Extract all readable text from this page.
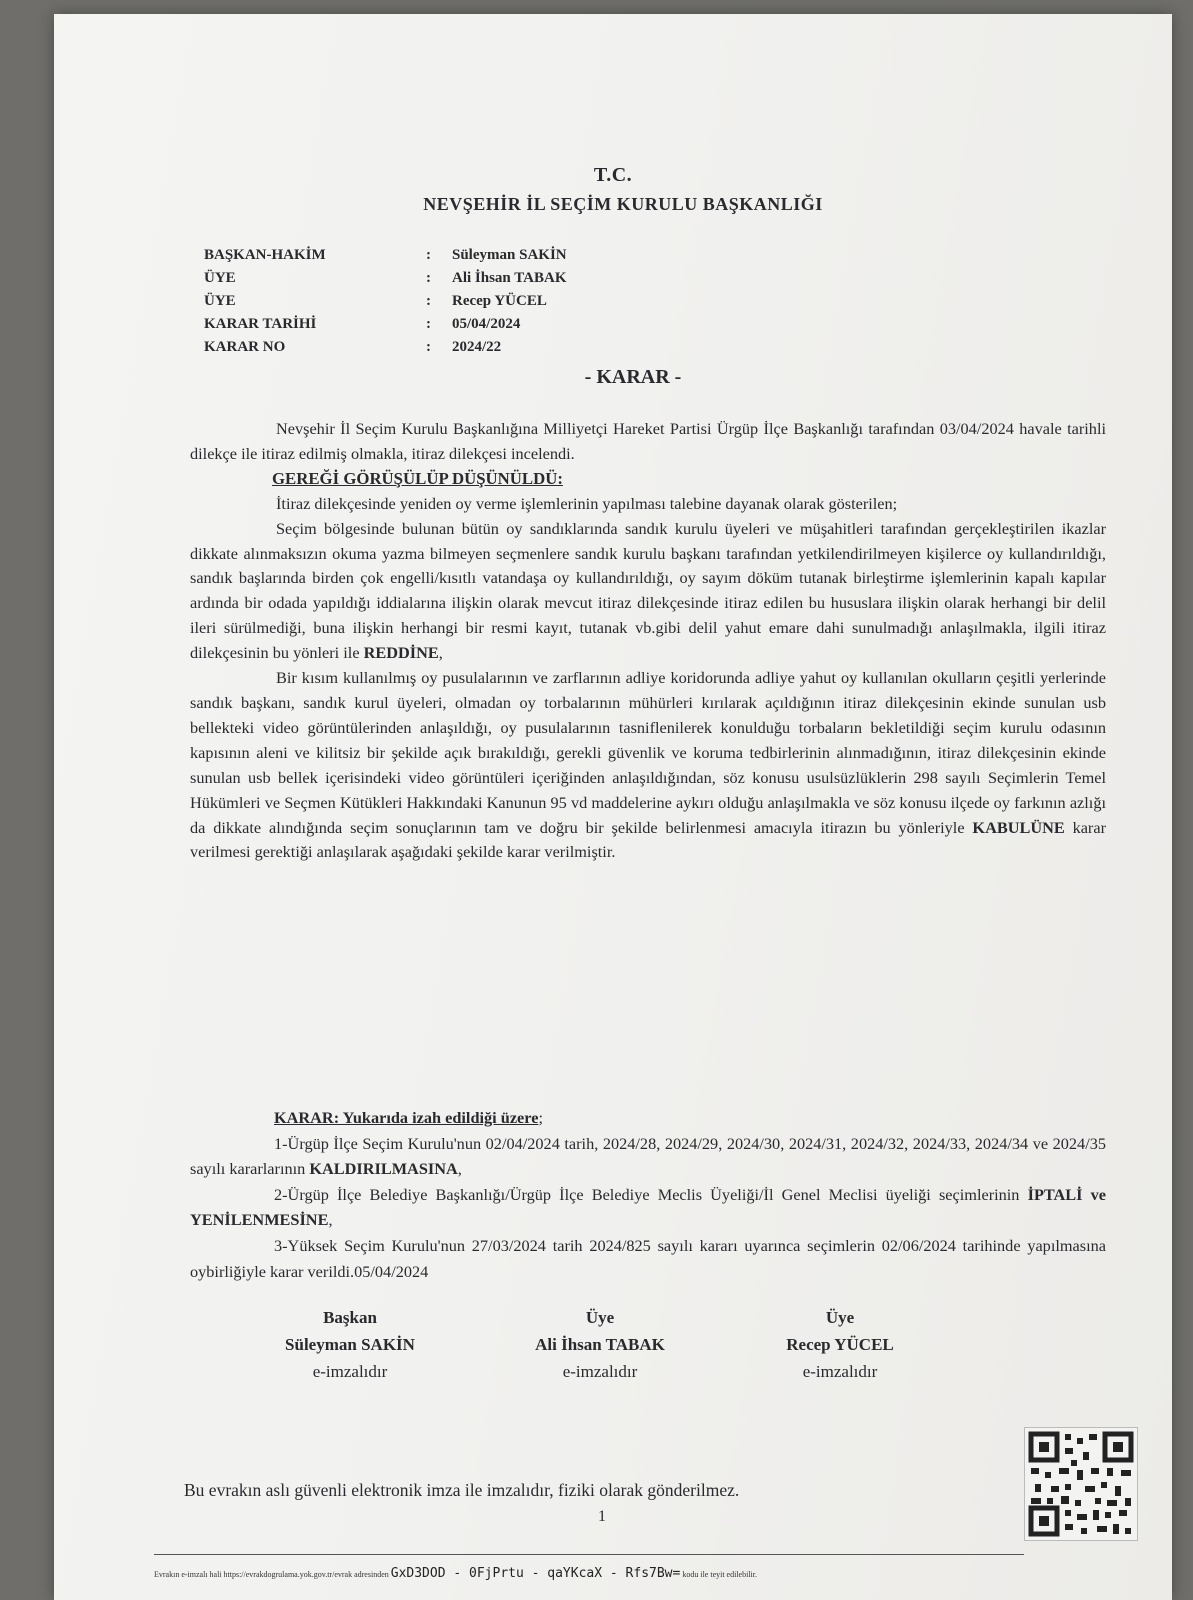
T.C.
NEVŞEHİR İL SEÇİM KURULU BAŞKANLIĞI
BAŞKAN-HAKİM	: Süleyman SAKİN
ÜYE	: Ali İhsan TABAK
ÜYE	: Recep YÜCEL
KARAR TARİHİ	: 05/04/2024
KARAR NO	: 2024/22
- KARAR -

Nevşehir İl Seçim Kurulu Başkanlığına Milliyetçi Hareket Partisi Ürgüp İlçe Başkanlığı tarafından 03/04/2024 havale tarihli dilekçe ile itiraz edilmiş olmakla, itiraz dilekçesi incelendi.

GEREĞİ GÖRÜŞÜLÜP DÜŞÜNÜLDÜ:

İtiraz dilekçesinde yeniden oy verme işlemlerinin yapılması talebine dayanak olarak gösterilen;

Seçim bölgesinde bulunan bütün oy sandıklarında sandık kurulu üyeleri ve müşahitleri tarafından gerçekleştirilen ikazlar dikkate alınmaksızın okuma yazma bilmeyen seçmenlere sandık kurulu başkanı tarafından yetkilendirilmeyen kişilerce oy kullandırıldığı, sandık başlarında birden çok engelli/kısıtlı vatandaşa oy kullandırıldığı, oy sayım döküm tutanak birleştirme işlemlerinin kapalı kapılar ardında bir odada yapıldığı iddialarına ilişkin olarak mevcut itiraz dilekçesinde itiraz edilen bu hususlara ilişkin olarak herhangi bir delil ileri sürülmediği, buna ilişkin herhangi bir resmi kayıt, tutanak vb.gibi delil yahut emare dahi sunulmadığı anlaşılmakla, ilgili itiraz dilekçesinin bu yönleri ile REDDİNE,

Bir kısım kullanılmış oy pusulalarının ve zarflarının adliye koridorunda adliye yahut oy kullanılan okulların çeşitli yerlerinde sandık başkanı, sandık kurul üyeleri, olmadan oy torbalarının mühürleri kırılarak açıldığının itiraz dilekçesinin ekinde sunulan usb bellekteki video görüntülerinden anlaşıldığı, oy pusulalarının tasniflenilerek konulduğu torbaların bekletildiği seçim kurulu odasının kapısının aleni ve kilitsiz bir şekilde açık bırakıldığı, gerekli güvenlik ve koruma tedbirlerinin alınmadığının, itiraz dilekçesinin ekinde sunulan usb bellek içerisindeki video görüntüleri içeriğinden anlaşıldığından, söz konusu usulsüzlüklerin 298 sayılı Seçimlerin Temel Hükümleri ve Seçmen Kütükleri Hakkındaki Kanunun 95 vd maddelerine aykırı olduğu anlaşılmakla ve söz konusu ilçede oy farkının azlığı da dikkate alındığında seçim sonuçlarının tam ve doğru bir şekilde belirlenmesi amacıyla itirazın bu yönleriyle KABULÜNE karar verilmesi gerektiği anlaşılarak aşağıdaki şekilde karar verilmiştir.

KARAR: Yukarıda izah edildiği üzere;

1-Ürgüp İlçe Seçim Kurulu'nun 02/04/2024 tarih, 2024/28, 2024/29, 2024/30, 2024/31, 2024/32, 2024/33, 2024/34 ve 2024/35 sayılı kararlarının KALDIRILMASINA,

2-Ürgüp İlçe Belediye Başkanlığı/Ürgüp İlçe Belediye Meclis Üyeliği/İl Genel Meclisi üyeliği seçimlerinin İPTALİ ve YENİLENMESİNE,

3-Yüksek Seçim Kurulu'nun 27/03/2024 tarih 2024/825 sayılı kararı uyarınca seçimlerin 02/06/2024 tarihinde yapılmasına oybirliğiyle karar verildi.05/04/2024

Başkan
Süleyman SAKİN
e-imzalıdır
Üye
Ali İhsan TABAK
e-imzalıdır
Üye
Recep YÜCEL
e-imzalıdır
Bu evrakın aslı güvenli elektronik imza ile imzalıdır, fiziki olarak gönderilmez.
1
Evrakın e-imzalı hali https://evrakdogrulama.yok.gov.tr/evrak adresinden GxD3DOD - 0FjPrtu - qaYKcaX - Rfs7Bw= kodu ile teyit edilebilir.
